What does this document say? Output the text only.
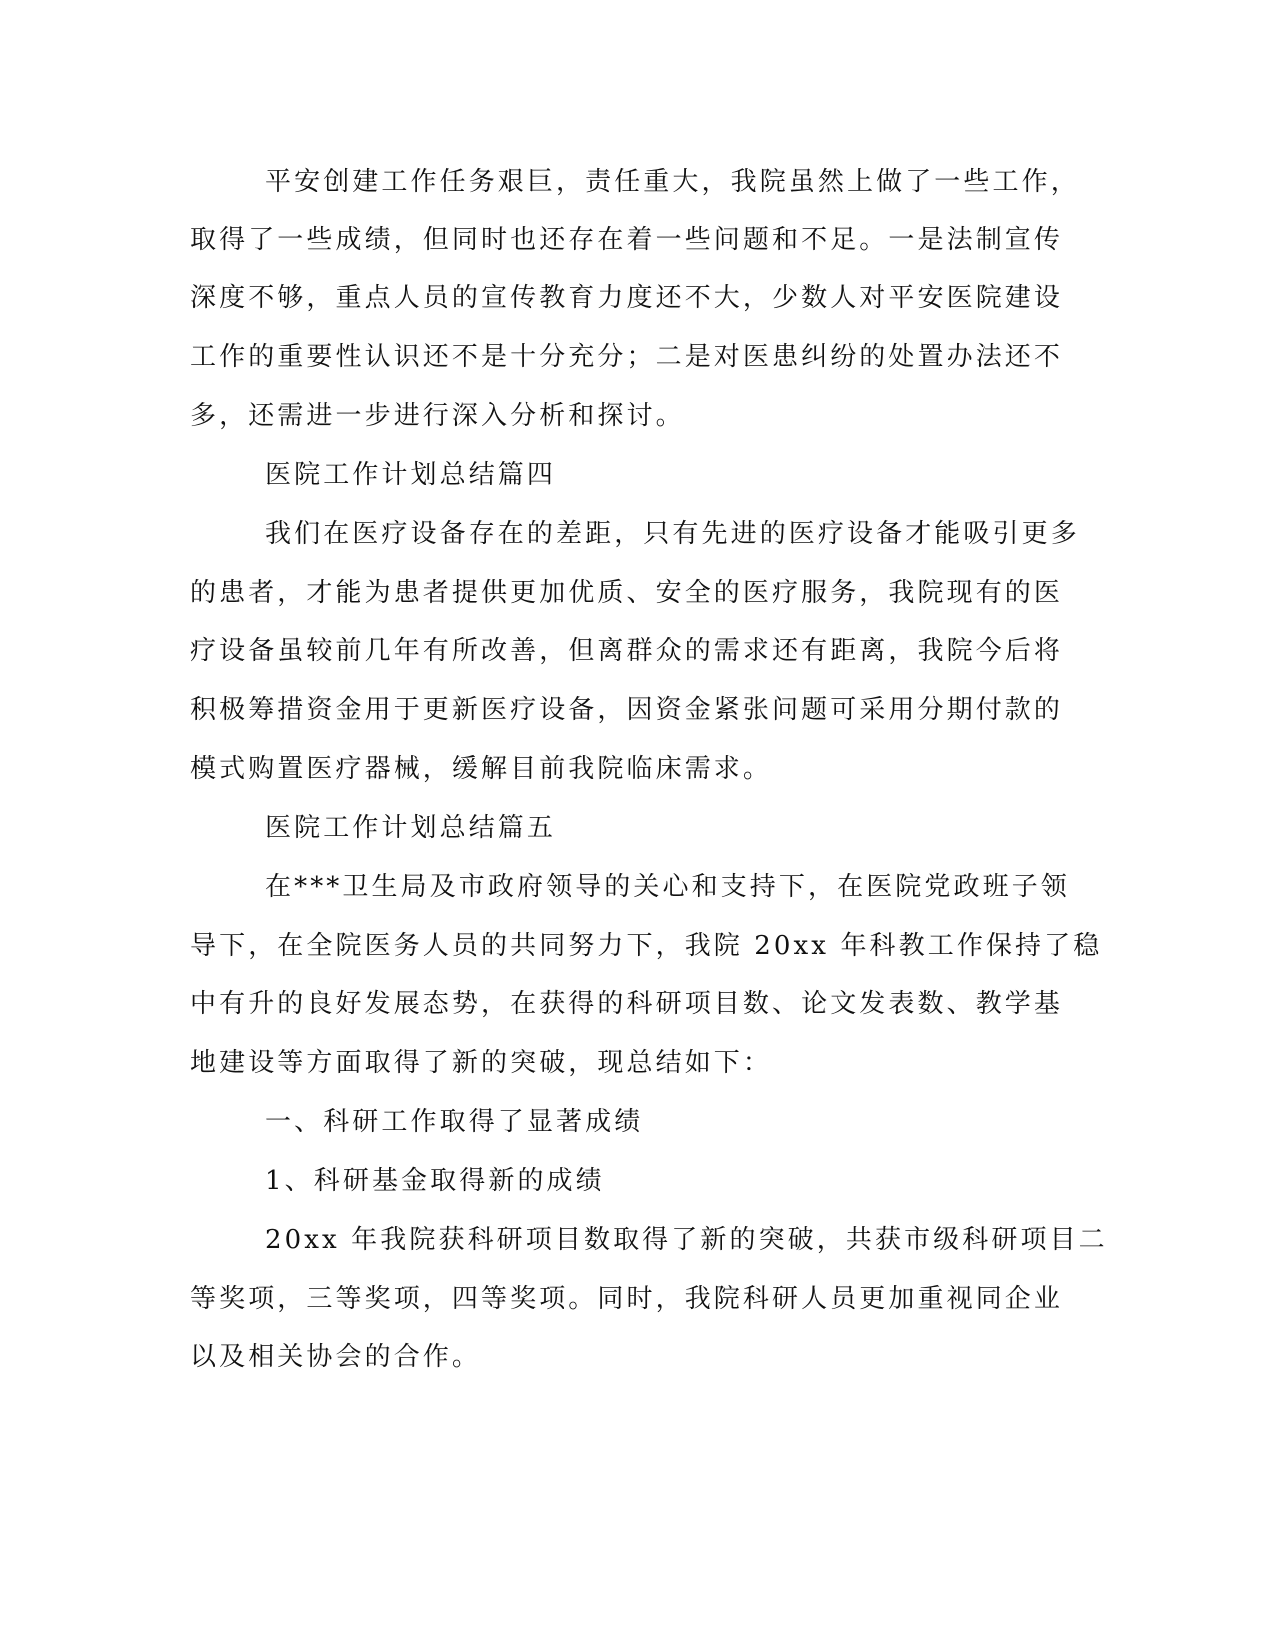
平安创建工作任务艰巨，责任重大，我院虽然上做了一些工作，

取得了一些成绩，但同时也还存在着一些问题和不足。一是法制宣传

深度不够，重点人员的宣传教育力度还不大，少数人对平安医院建设

工作的重要性认识还不是十分充分；二是对医患纠纷的处置办法还不

多，还需进一步进行深入分析和探讨。

医院工作计划总结篇四

我们在医疗设备存在的差距，只有先进的医疗设备才能吸引更多

的患者，才能为患者提供更加优质、安全的医疗服务，我院现有的医

疗设备虽较前几年有所改善，但离群众的需求还有距离，我院今后将

积极筹措资金用于更新医疗设备，因资金紧张问题可采用分期付款的

模式购置医疗器械，缓解目前我院临床需求。

医院工作计划总结篇五

在***卫生局及市政府领导的关心和支持下，在医院党政班子领

导下，在全院医务人员的共同努力下，我院 20xx 年科教工作保持了稳

中有升的良好发展态势，在获得的科研项目数、论文发表数、教学基

地建设等方面取得了新的突破，现总结如下：

一、科研工作取得了显著成绩

1、科研基金取得新的成绩

20xx 年我院获科研项目数取得了新的突破，共获市级科研项目二

等奖项，三等奖项，四等奖项。同时，我院科研人员更加重视同企业

以及相关协会的合作。
